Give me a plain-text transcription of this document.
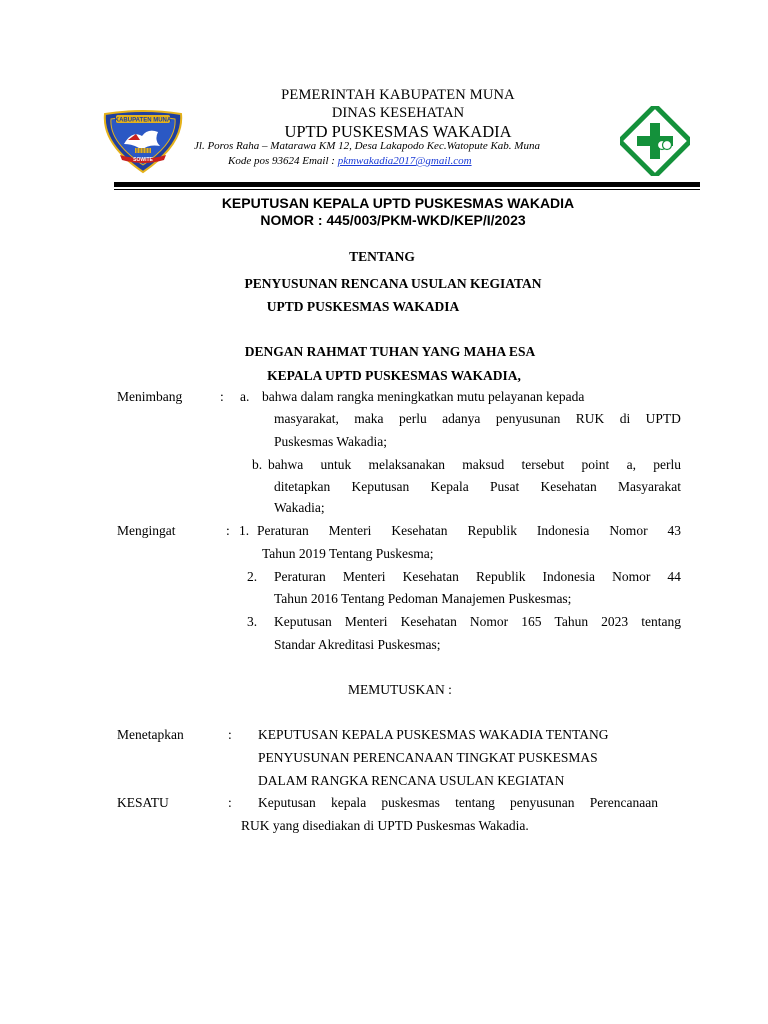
KABUPATEN MUNA
SOWITE
PEMERINTAH KABUPATEN MUNA
DINAS KESEHATAN
UPTD PUSKESMAS WAKADIA
Jl. Poros Raha – Matarawa KM 12, Desa Lakapodo Kec.Watopute Kab. Muna
Kode pos 93624 Email : pkmwakadia2017@gmail.com
KEPUTUSAN KEPALA UPTD PUSKESMAS WAKADIA
NOMOR : 445/003/PKM-WKD/KEP/I/2023
TENTANG
PENYUSUNAN RENCANA USULAN KEGIATAN
UPTD PUSKESMAS WAKADIA
DENGAN RAHMAT TUHAN YANG MAHA ESA
KEPALA UPTD PUSKESMAS WAKADIA,
Menimbang	: a. bahwa dalam rangka meningkatkan mutu pelayanan kepada
masyarakat, maka perlu adanya penyusunan RUK di UPTD
Puskesmas Wakadia;
b. bahwa untuk melaksanakan maksud tersebut point a, perlu
ditetapkan Keputusan Kepala Pusat Kesehatan Masyarakat
Wakadia;
Mengingat	: 1. Peraturan Menteri Kesehatan Republik Indonesia Nomor 43
Tahun 2019 Tentang Puskesma;
2. Peraturan Menteri Kesehatan Republik Indonesia Nomor 44
Tahun 2016 Tentang Pedoman Manajemen Puskesmas;
3. Keputusan Menteri Kesehatan Nomor 165 Tahun 2023 tentang
Standar Akreditasi Puskesmas;
MEMUTUSKAN :
Menetapkan	: KEPUTUSAN KEPALA PUSKESMAS WAKADIA TENTANG
PENYUSUNAN PERENCANAAN TINGKAT PUSKESMAS
DALAM RANGKA RENCANA USULAN KEGIATAN
KESATU	: Keputusan kepala puskesmas tentang penyusunan Perencanaan
RUK yang disediakan di UPTD Puskesmas Wakadia.
